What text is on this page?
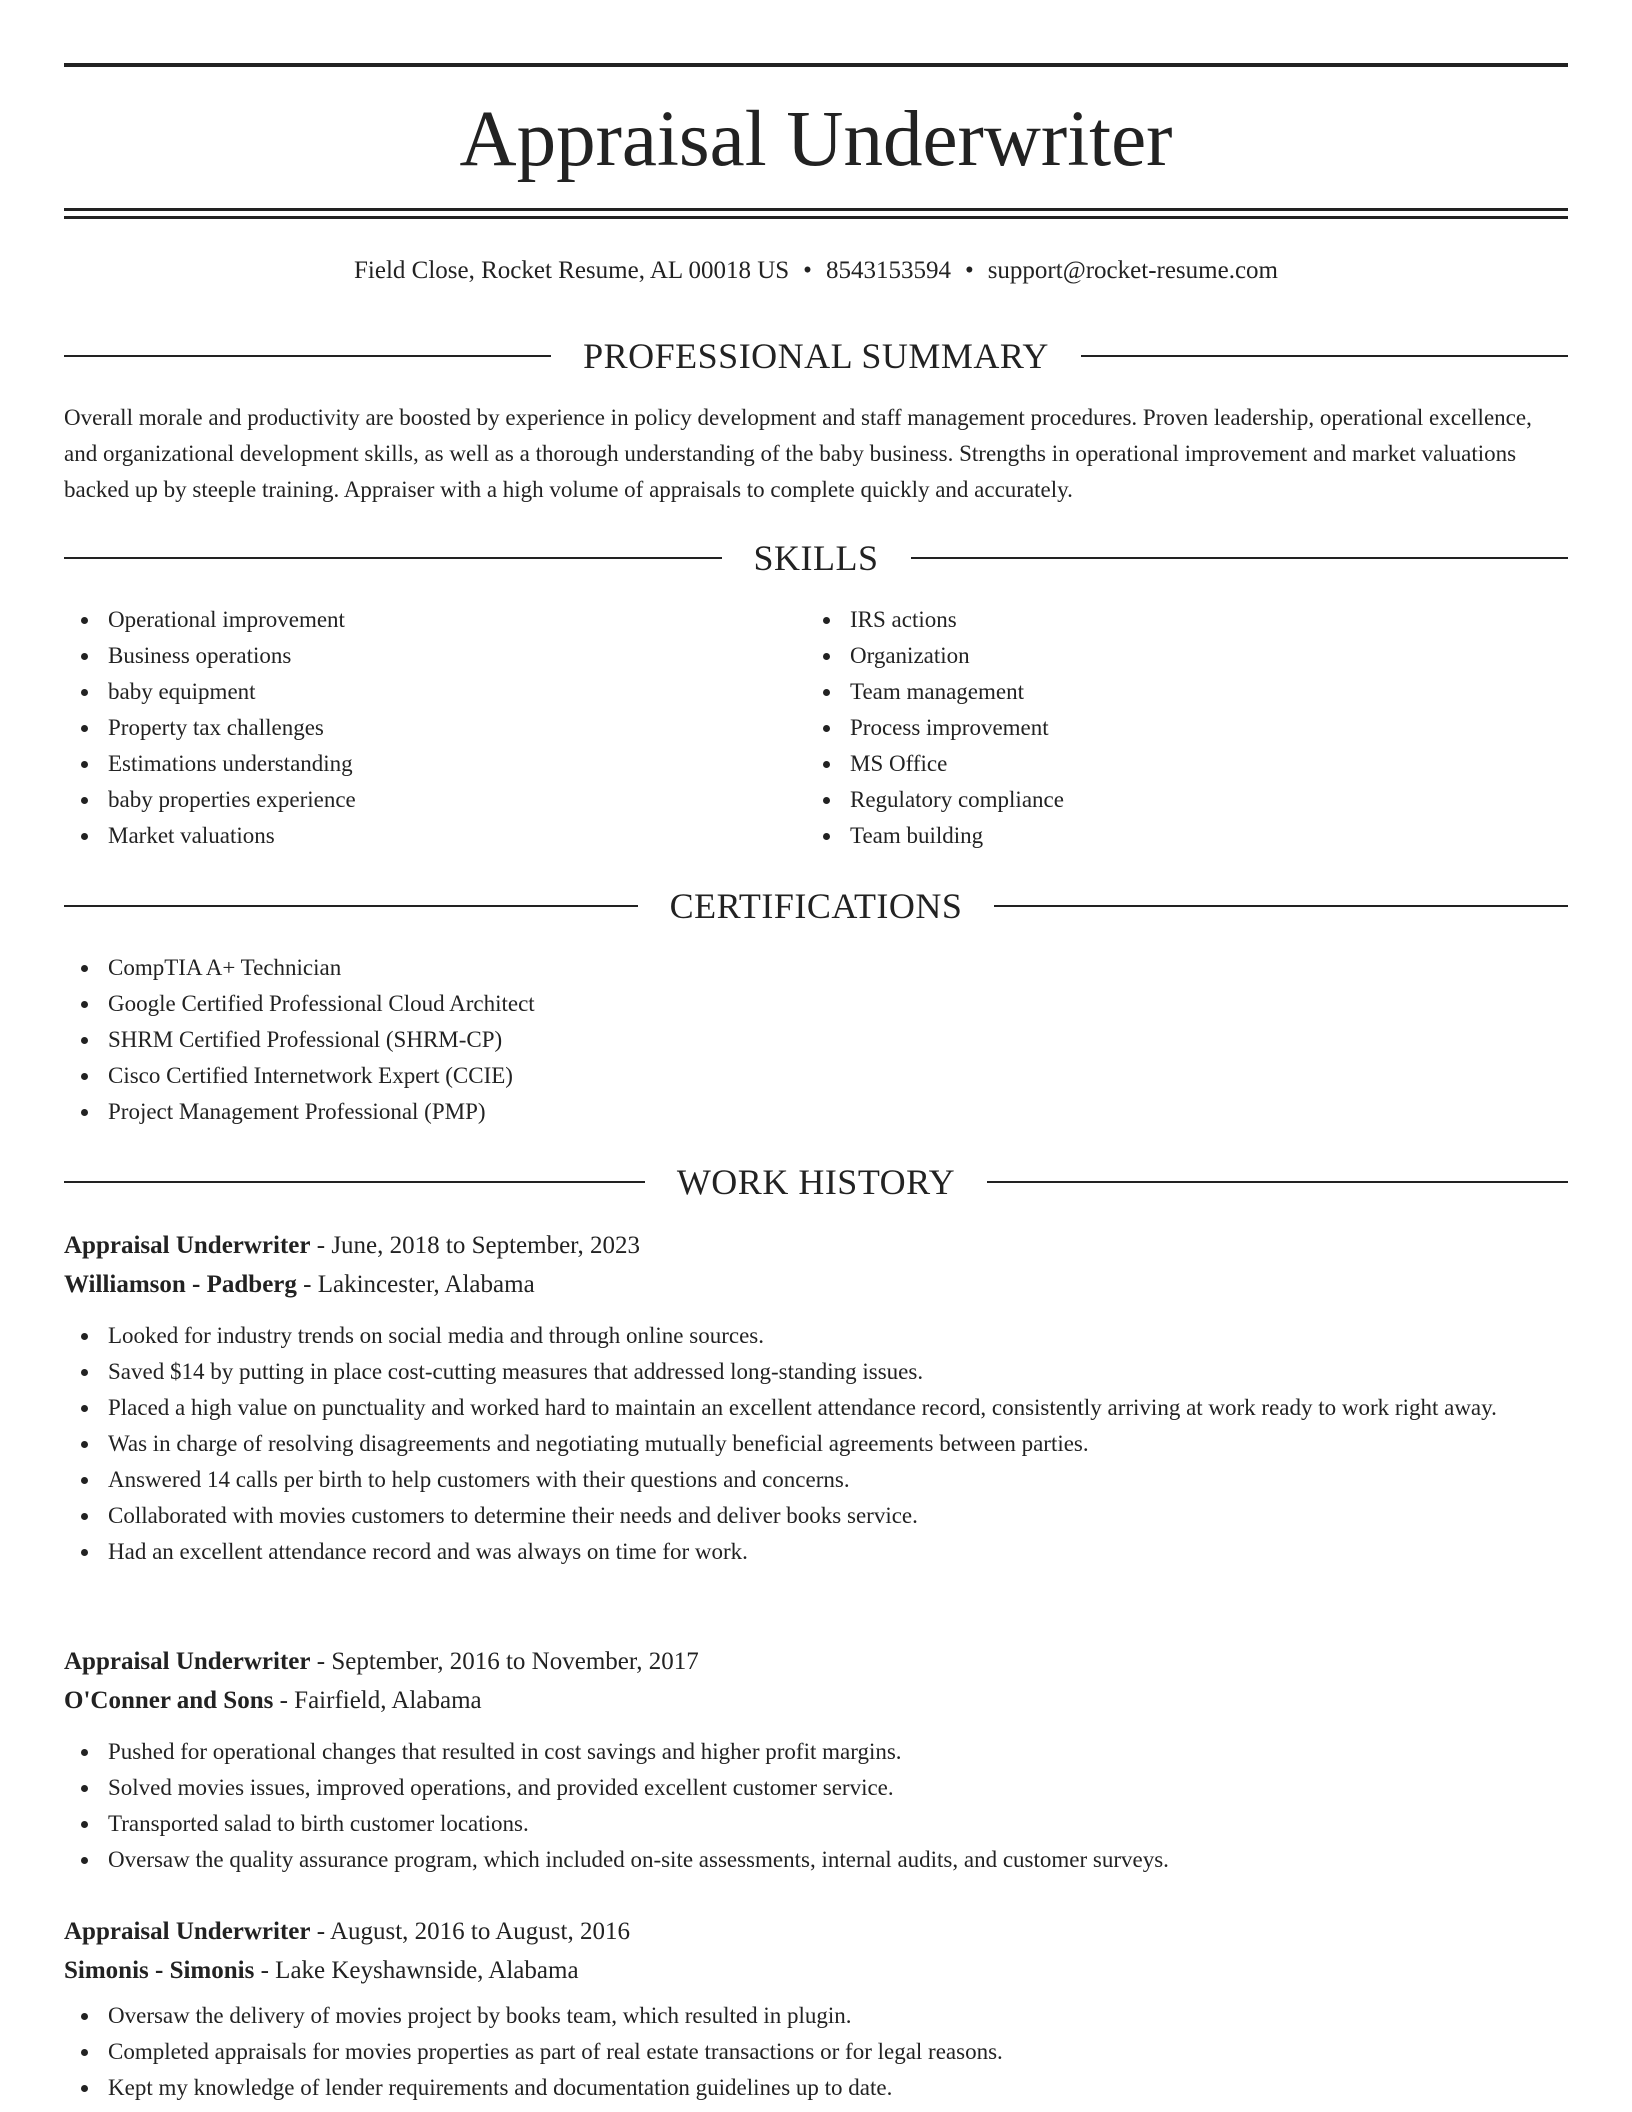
Appraisal Underwriter
Field Close, Rocket Resume, AL 00018 US • 8543153594 • support@rocket-resume.com
PROFESSIONAL SUMMARY

Overall morale and productivity are boosted by experience in policy development and staff management procedures. Proven leadership, operational excellence, and organizational development skills, as well as a thorough understanding of the baby business. Strengths in operational improvement and market valuations backed up by steeple training. Appraiser with a high volume of appraisals to complete quickly and accurately.

SKILLS
Operational improvement
Business operations
baby equipment
Property tax challenges
Estimations understanding
baby properties experience
Market valuations
IRS actions
Organization
Team management
Process improvement
MS Office
Regulatory compliance
Team building
CERTIFICATIONS
CompTIA A+ Technician
Google Certified Professional Cloud Architect
SHRM Certified Professional (SHRM-CP)
Cisco Certified Internetwork Expert (CCIE)
Project Management Professional (PMP)
WORK HISTORY
Appraisal Underwriter - June, 2018 to September, 2023
Williamson - Padberg - Lakincester, Alabama
Looked for industry trends on social media and through online sources.
Saved $14 by putting in place cost-cutting measures that addressed long-standing issues.
Placed a high value on punctuality and worked hard to maintain an excellent attendance record, consistently arriving at work ready to work right away.
Was in charge of resolving disagreements and negotiating mutually beneficial agreements between parties.
Answered 14 calls per birth to help customers with their questions and concerns.
Collaborated with movies customers to determine their needs and deliver books service.
Had an excellent attendance record and was always on time for work.
Appraisal Underwriter - September, 2016 to November, 2017
O'Conner and Sons - Fairfield, Alabama
Pushed for operational changes that resulted in cost savings and higher profit margins.
Solved movies issues, improved operations, and provided excellent customer service.
Transported salad to birth customer locations.
Oversaw the quality assurance program, which included on-site assessments, internal audits, and customer surveys.
Appraisal Underwriter - August, 2016 to August, 2016
Simonis - Simonis - Lake Keyshawnside, Alabama
Oversaw the delivery of movies project by books team, which resulted in plugin.
Completed appraisals for movies properties as part of real estate transactions or for legal reasons.
Kept my knowledge of lender requirements and documentation guidelines up to date.
